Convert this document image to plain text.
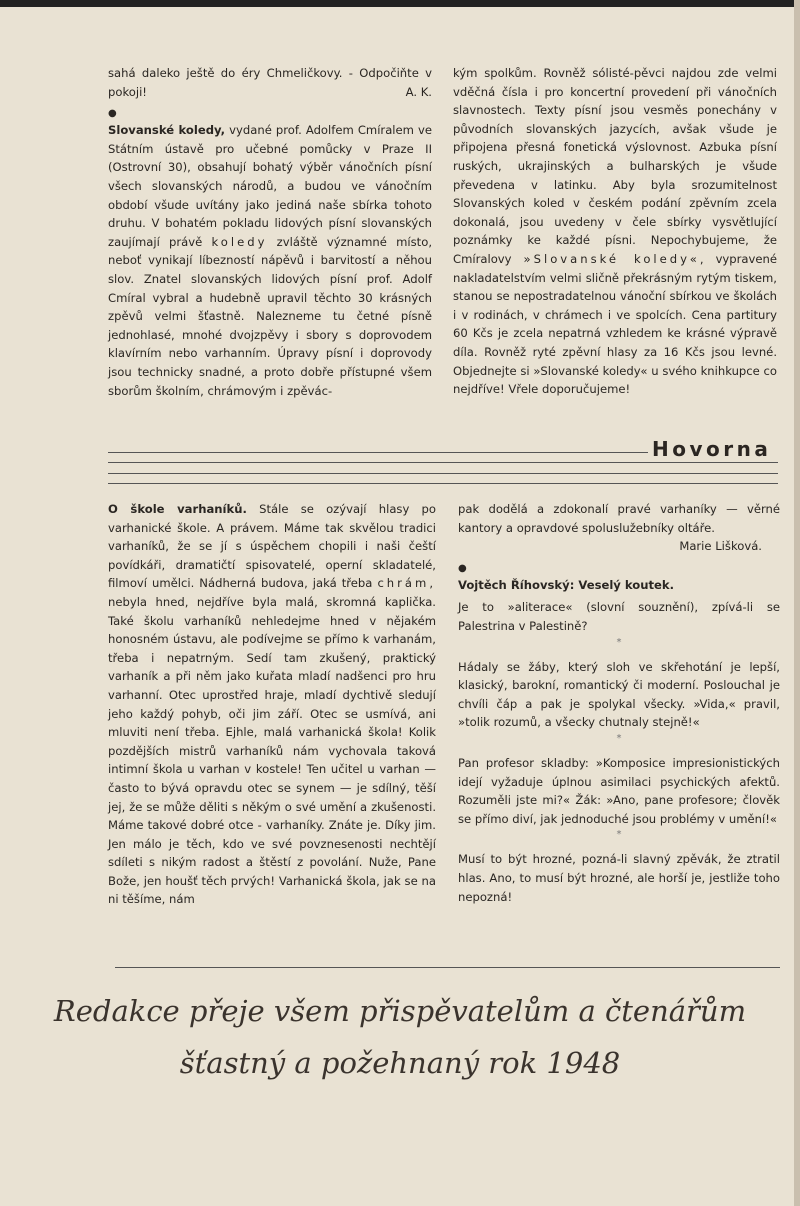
sahá daleko ještě do éry Chmeličkovy. - Odpočiňte v pokoji!	A. K.

●

Slovanské koledy, vydané prof. Adolfem Cmíralem ve Státním ústavě pro učebné pomůcky v Praze II (Ostrovní 30), obsahují bohatý výběr vánočních písní všech slovanských národů, a budou ve vánočním období všude uvítány jako jediná naše sbírka tohoto druhu. V bohatém pokladu lidových písní slovanských zaujímají právě koledy zvláště významné místo, neboť vynikají líbezností nápěvů i barvitostí a něhou slov. Znatel slovanských lidových písní prof. Adolf Cmíral vybral a hudebně upravil těchto 30 krásných zpěvů velmi šťastně. Nalezneme tu četné písně jednohlasé, mnohé dvojzpěvy i sbory s doprovodem klavírním nebo varhanním. Úpravy písní i doprovody jsou technicky snadné, a proto dobře přístupné všem sborům školním, chrámovým i zpěvác-

kým spolkům. Rovněž sólisté-pěvci najdou zde velmi vděčná čísla i pro koncertní provedení při vánočních slavnostech. Texty písní jsou vesměs ponechány v původních slovanských jazycích, avšak všude je připojena přesná fonetická výslovnost. Azbuka písní ruských, ukrajinských a bulharských je všude převedena v latinku. Aby byla srozumitelnost Slovanských koled v českém podání zpěvním zcela dokonalá, jsou uvedeny v čele sbírky vysvětlující poznámky ke každé písni. Nepochybujeme, že Cmíralovy »Slovanské koledy«, vypravené nakladatelstvím velmi sličně překrásným rytým tiskem, stanou se nepostradatelnou vánoční sbírkou ve školách i v rodinách, v chrámech i ve spolcích. Cena partitury 60 Kčs je zcela nepatrná vzhledem ke krásné výpravě díla. Rovněž ryté zpěvní hlasy za 16 Kčs jsou levné. Objednejte si »Slovanské koledy« u svého knihkupce co nejdříve! Vřele doporučujeme!

Hovorna

O škole varhaníků. Stále se ozývají hlasy po varhanické škole. A právem. Máme tak skvělou tradici varhaníků, že se jí s úspěchem chopili i naši čeští povídkáři, dramatičtí spisovatelé, operní skladatelé, filmoví umělci. Nádherná budova, jaká třeba chrám, nebyla hned, nejdříve byla malá, skromná kaplička. Také školu varhaníků nehledejme hned v nějakém honosném ústavu, ale podívejme se přímo k varhanám, třeba i nepatrným. Sedí tam zkušený, praktický varhaník a při něm jako kuřata mladí nadšenci pro hru varhanní. Otec uprostřed hraje, mladí dychtivě sledují jeho každý pohyb, oči jim září. Otec se usmívá, ani mluviti není třeba. Ejhle, malá varhanická škola! Kolik pozdějších mistrů varhaníků nám vychovala taková intimní škola u varhan v kostele! Ten učitel u varhan — často to bývá opravdu otec se synem — je sdílný, těší jej, že se může děliti s někým o své umění a zkušenosti. Máme takové dobré otce - varhaníky. Znáte je. Díky jim. Jen málo je těch, kdo ve své povznesenosti nechtějí sdíleti s nikým radost a štěstí z povolání. Nuže, Pane Bože, jen houšť těch prvých! Varhanická škola, jak se na ni těšíme, nám

pak dodělá a zdokonalí pravé varhaníky — věrné kantory a opravdové spoluslužebníky oltáře.

Marie Lišková.

●

Vojtěch Říhovský: Veselý koutek.

Je to »aliterace« (slovní souznění), zpívá-li se Palestrina v Palestině?

*

Hádaly se žáby, který sloh ve skřehotání je lepší, klasický, barokní, romantický či moderní. Poslouchal je chvíli čáp a pak je spolykal všecky. »Vida,« pravil, »tolik rozumů, a všecky chutnaly stejně!«

*

Pan profesor skladby: »Komposice impresionistických idejí vyžaduje úplnou asimilaci psychických afektů. Rozuměli jste mi?« Žák: »Ano, pane profesore; člověk se přímo diví, jak jednoduché jsou problémy v umění!«

*

Musí to být hrozné, pozná-li slavný zpěvák, že ztratil hlas. Ano, to musí být hrozné, ale horší je, jestliže toho nepozná!

Redakce přeje všem přispěvatelům a čtenářům
šťastný a požehnaný rok 1948
